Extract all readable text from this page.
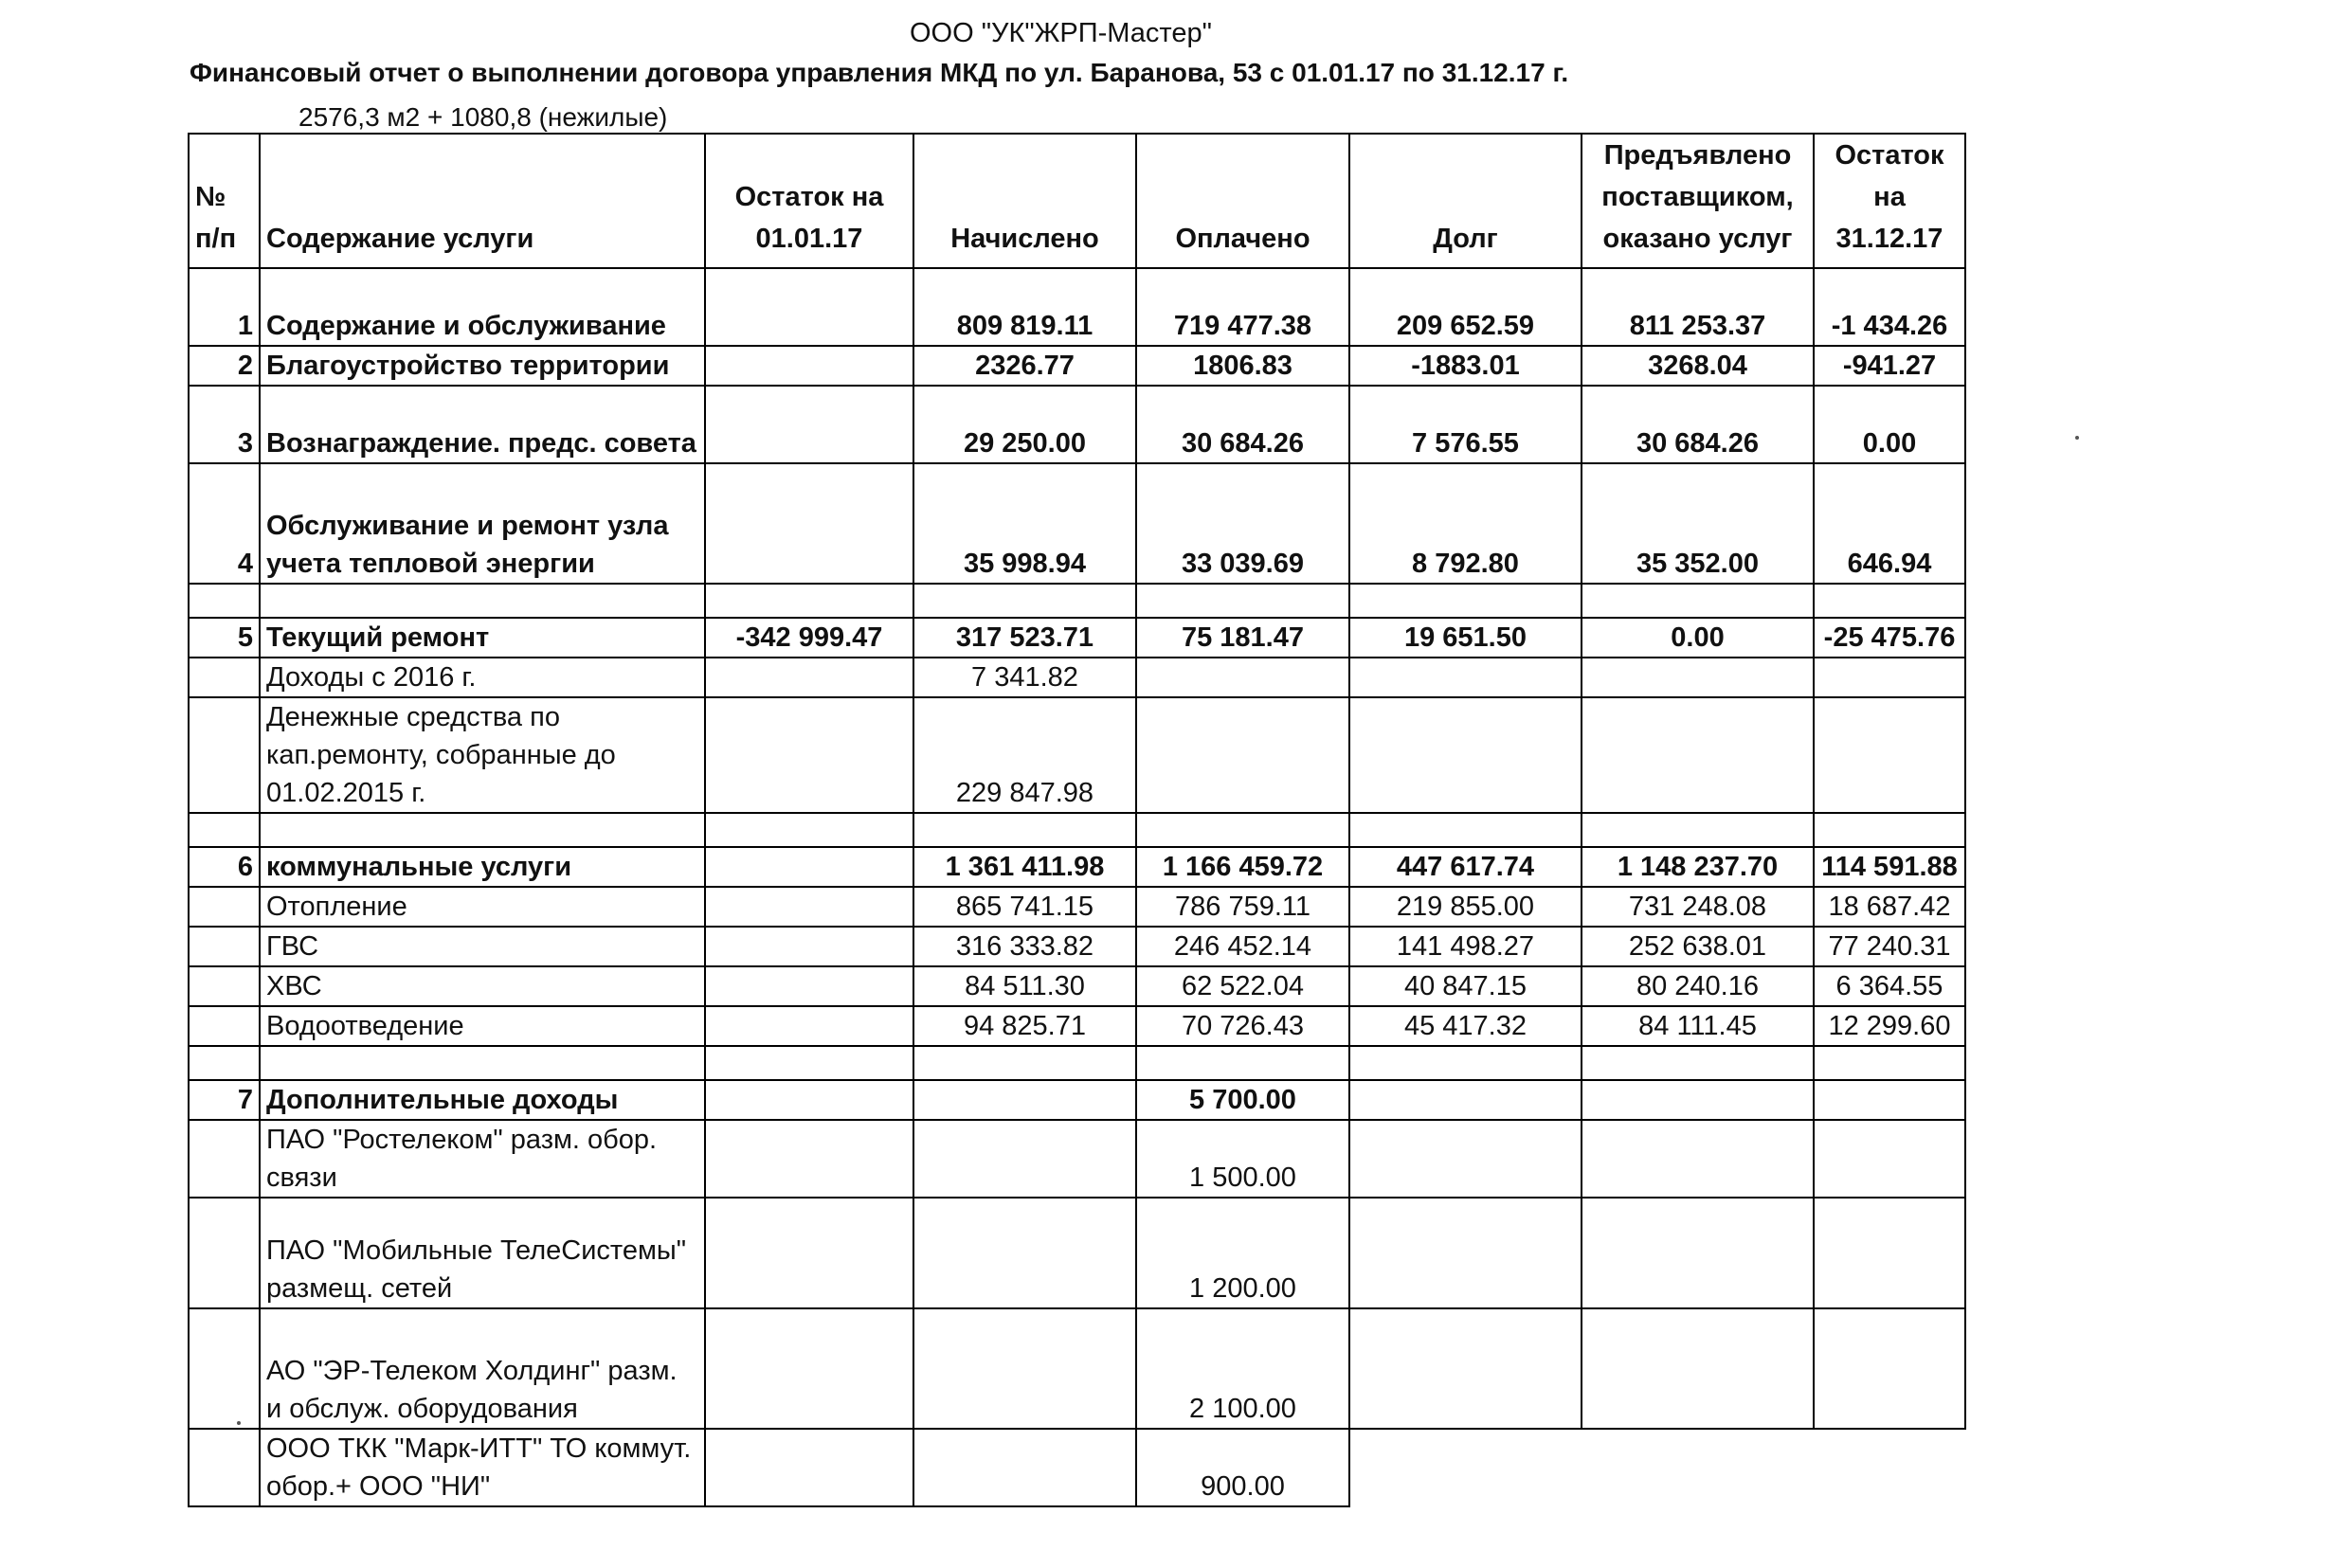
ООО "УК"ЖРП-Мастер"
Финансовый отчет о выполнении договора управления МКД по ул. Баранова, 53 с 01.01.17 по 31.12.17 г.
2576,3 м2 + 1080,8 (нежилые)
№ п/п	Содержание услуги	Остаток на 01.01.17	Начислено	Оплачено	Долг	Предъявлено поставщиком, оказано услуг	Остаток на 31.12.17
1	Содержание и обслуживание		809 819.11	719 477.38	209 652.59	811 253.37	-1 434.26
2	Благоустройство территории		2326.77	1806.83	-1883.01	3268.04	-941.27
3	Вознаграждение. предс. совета		29 250.00	30 684.26	7 576.55	30 684.26	0.00
4	Обслуживание и ремонт узла учета тепловой энергии		35 998.94	33 039.69	8 792.80	35 352.00	646.94

5	Текущий ремонт	-342 999.47	317 523.71	75 181.47	19 651.50	0.00	-25 475.76
	Доходы с 2016 г.		7 341.82				
	Денежные средства по кап.ремонту, собранные до 01.02.2015 г.		229 847.98				

6	коммунальные услуги		1 361 411.98	1 166 459.72	447 617.74	1 148 237.70	114 591.88
	Отопление		865 741.15	786 759.11	219 855.00	731 248.08	18 687.42
	ГВС		316 333.82	246 452.14	141 498.27	252 638.01	77 240.31
	ХВС		84 511.30	62 522.04	40 847.15	80 240.16	6 364.55
	Водоотведение		94 825.71	70 726.43	45 417.32	84 111.45	12 299.60

7	Дополнительные доходы			5 700.00			
	ПАО "Ростелеком" разм. обор. связи			1 500.00			
	ПАО "Мобильные ТелеСистемы" размещ. сетей			1 200.00			
	АО "ЭР-Телеком Холдинг" разм. и обслуж. оборудования			2 100.00			
	ООО ТКК "Марк-ИТТ" ТО коммут. обор.+ ООО "НИ"			900.00			
